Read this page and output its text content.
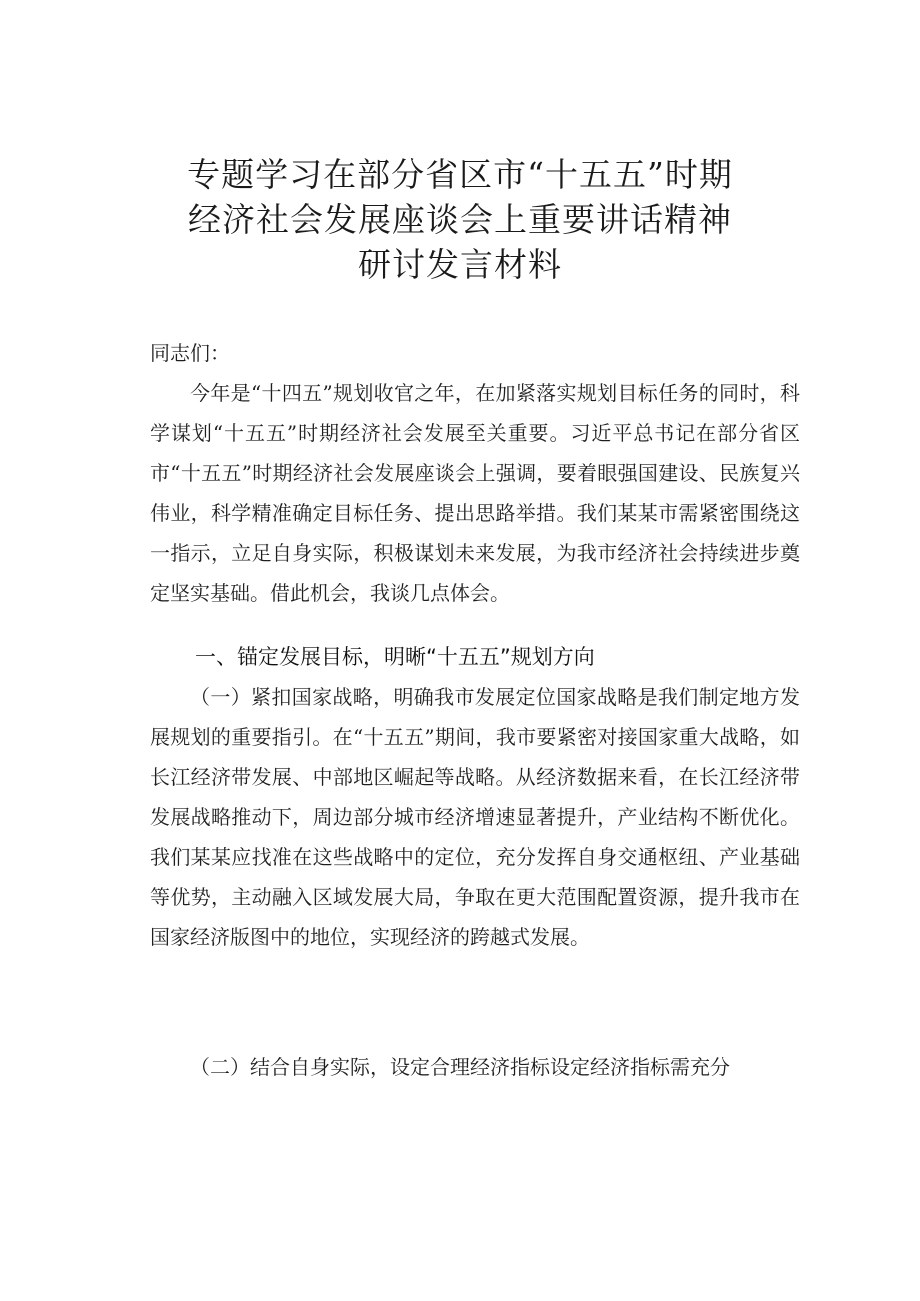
专题学习在部分省区市“十五五”时期
经济社会发展座谈会上重要讲话精神
研讨发言材料
同志们：

今年是“十四五”规划收官之年，在加紧落实规划目标任务的同时，科学谋划“十五五”时期经济社会发展至关重要。习近平总书记在部分省区市“十五五”时期经济社会发展座谈会上强调，要着眼强国建设、民族复兴伟业，科学精准确定目标任务、提出思路举措。我们某某市需紧密围绕这一指示，立足自身实际，积极谋划未来发展，为我市经济社会持续进步奠定坚实基础。借此机会，我谈几点体会。

一、锚定发展目标，明晰“十五五”规划方向

（一）紧扣国家战略，明确我市发展定位国家战略是我们制定地方发展规划的重要指引。在“十五五”期间，我市要紧密对接国家重大战略，如长江经济带发展、中部地区崛起等战略。从经济数据来看，在长江经济带发展战略推动下，周边部分城市经济增速显著提升，产业结构不断优化。我们某某应找准在这些战略中的定位，充分发挥自身交通枢纽、产业基础等优势，主动融入区域发展大局，争取在更大范围配置资源，提升我市在国家经济版图中的地位，实现经济的跨越式发展。

（二）结合自身实际，设定合理经济指标设定经济指标需充分
